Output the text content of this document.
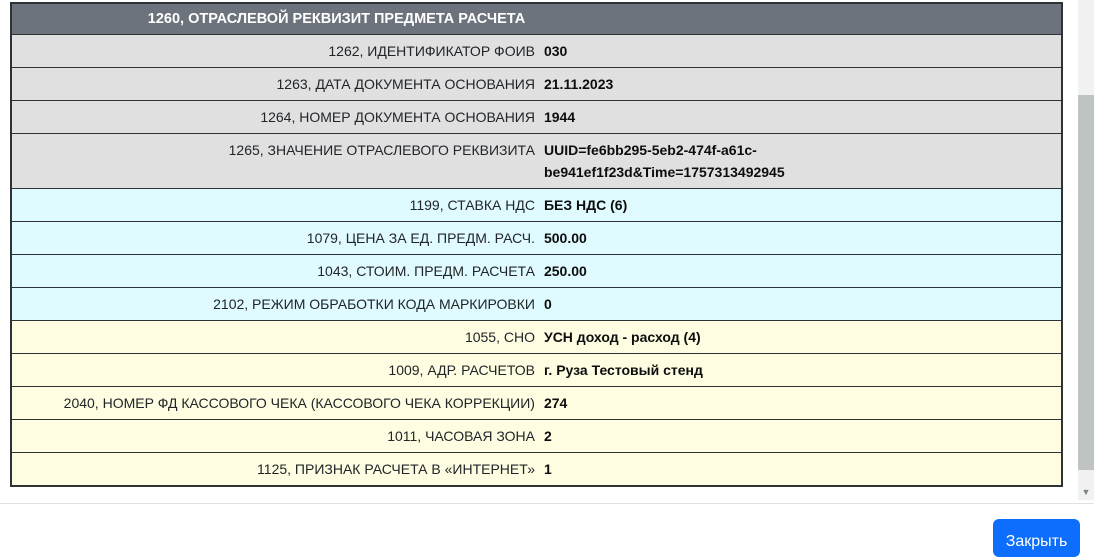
1260, ОТРАСЛЕВОЙ РЕКВИЗИТ ПРЕДМЕТА РАСЧЕТА	
1262, ИДЕНТИФИКАТОР ФОИВ	030

1263, ДАТА ДОКУМЕНТА ОСНОВАНИЯ	21.11.2023

1264, НОМЕР ДОКУМЕНТА ОСНОВАНИЯ	1944

1265, ЗНАЧЕНИЕ ОТРАСЛЕВОГО РЕКВИЗИТА	UUID=fe6bb295-5eb2-474f-a61c-be941ef1f23d&Time=1757313492945

1199, СТАВКА НДС	БЕЗ НДС (6)

1079, ЦЕНА ЗА ЕД. ПРЕДМ. РАСЧ.	500.00

1043, СТОИМ. ПРЕДМ. РАСЧЕТА	250.00

2102, РЕЖИМ ОБРАБОТКИ КОДА МАРКИРОВКИ	0

1055, СНО	УСН доход - расход (4)

1009, АДР. РАСЧЕТОВ	г. Руза Тестовый стенд

2040, НОМЕР ФД КАССОВОГО ЧЕКА (КАССОВОГО ЧЕКА КОРРЕКЦИИ)	274

1011, ЧАСОВАЯ ЗОНА	2

1125, ПРИЗНАК РАСЧЕТА В «ИНТЕРНЕТ»	1
▼
Закрыть
